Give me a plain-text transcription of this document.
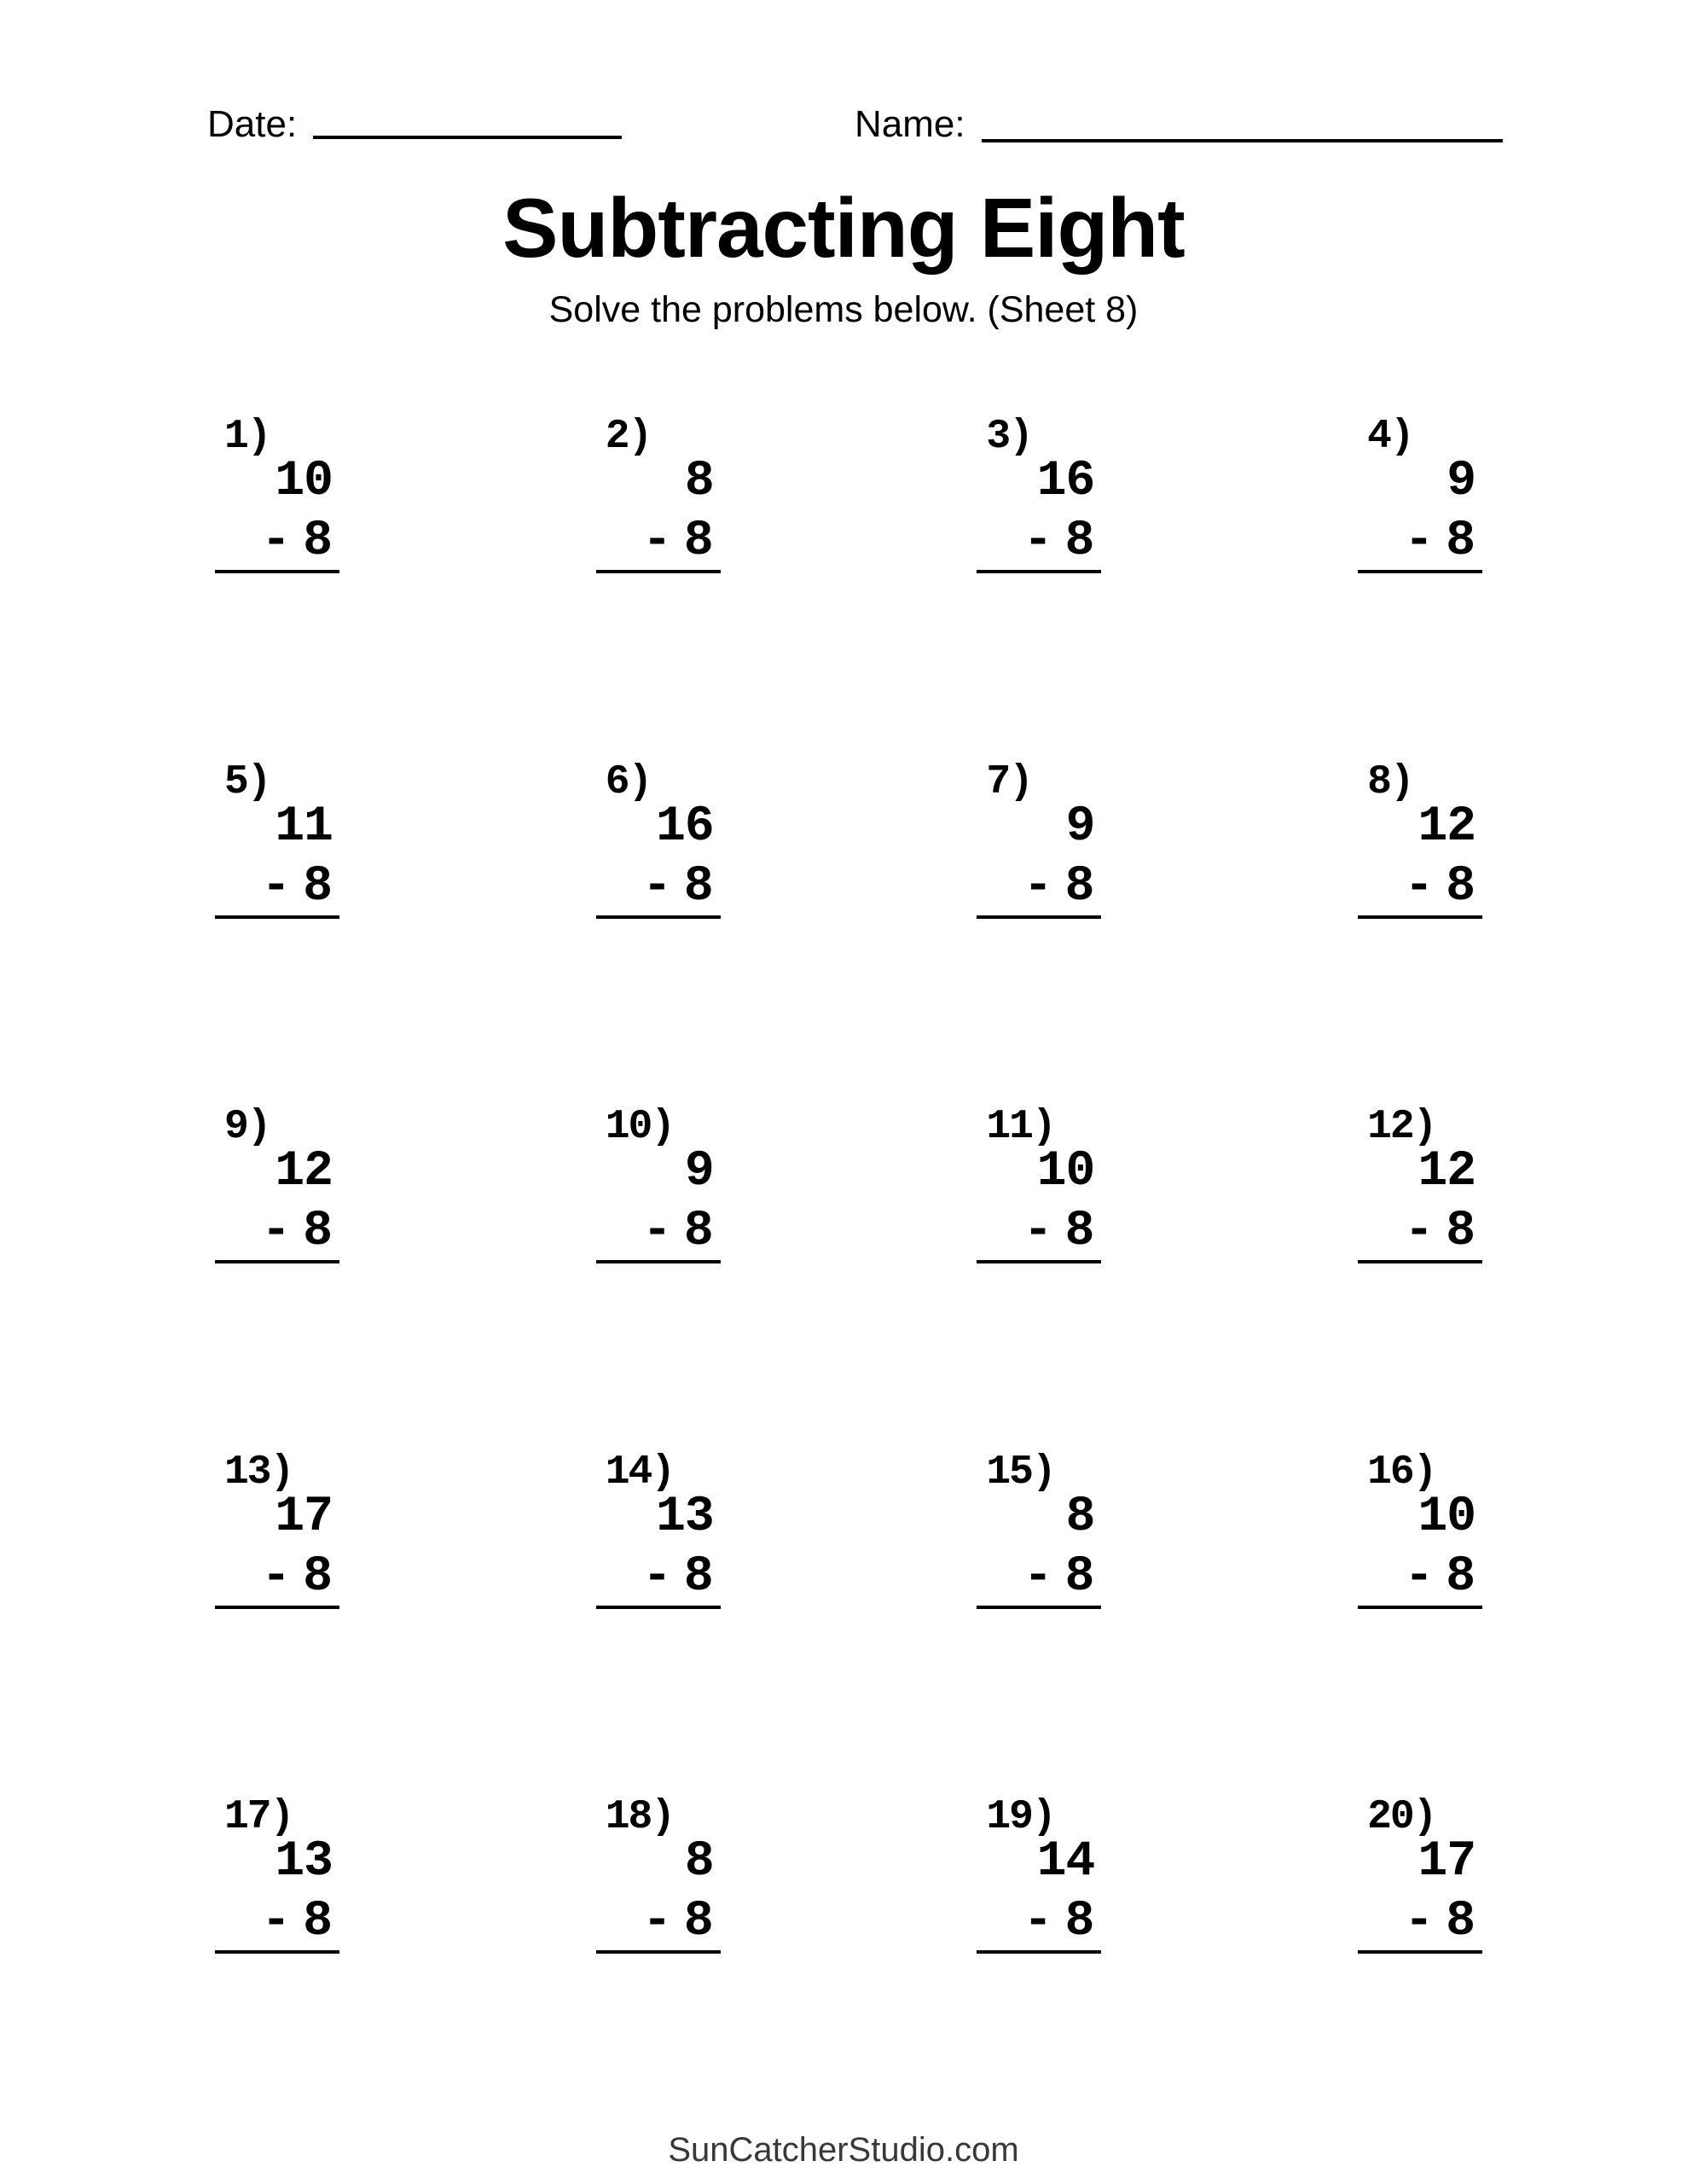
Date:	Name:
Subtracting Eight
Solve the problems below. (Sheet 8)
1)
10
- 8
2)
8
- 8
3)
16
- 8
4)
9
- 8
5)
11
- 8
6)
16
- 8
7)
9
- 8
8)
12
- 8
9)
12
- 8
10)
9
- 8
11)
10
- 8
12)
12
- 8
13)
17
- 8
14)
13
- 8
15)
8
- 8
16)
10
- 8
17)
13
- 8
18)
8
- 8
19)
14
- 8
20)
17
- 8
SunCatcherStudio.com
